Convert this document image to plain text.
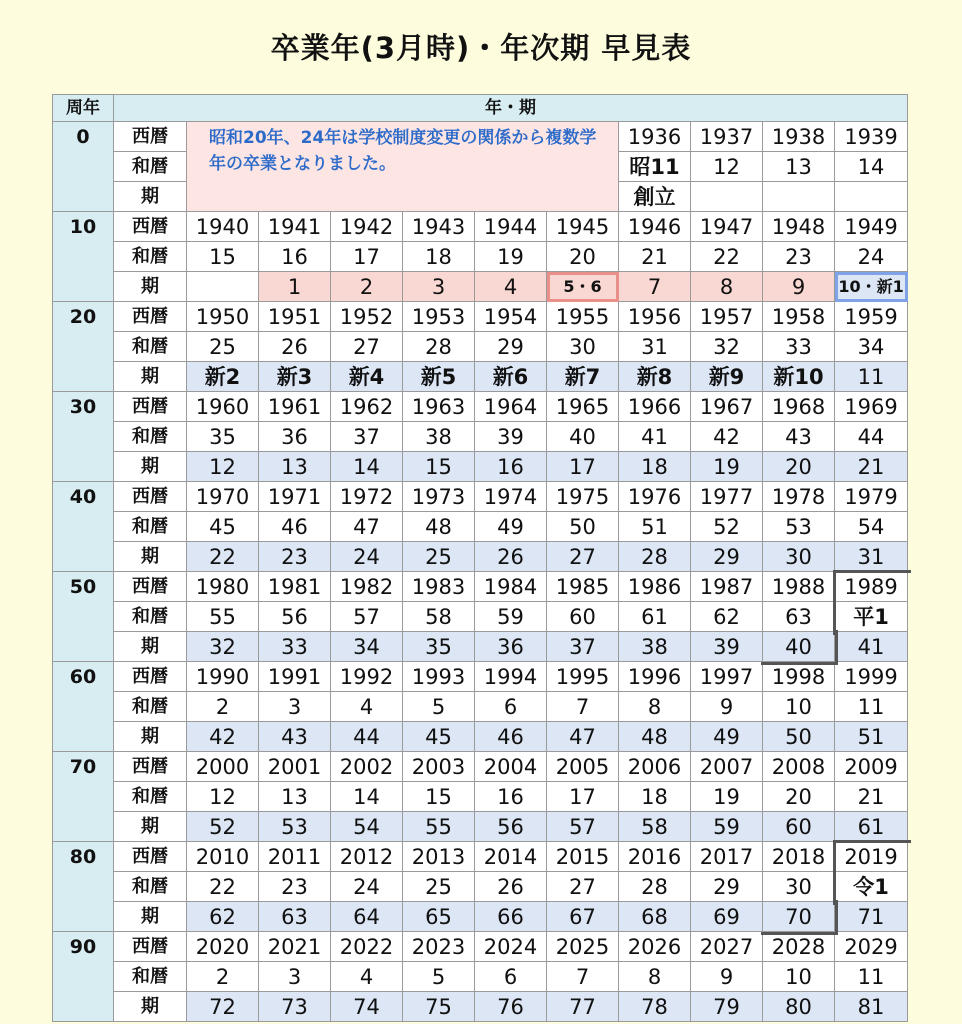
卒業年(3月時)・年次期 早見表
周年	年・期										
0	西暦	昭和20年、24年は学校制度変更の関係から複数学年の卒業となりました。						1936	1937	1938	1939
	和暦							昭11	12	13	14
	期							創立			
10	西暦	1940	1941	1942	1943	1944	1945	1946	1947	1948	1949
	和暦	15	16	17	18	19	20	21	22	23	24
	期		1	2	3	4	5・6	7	8	9	10・新1
20	西暦	1950	1951	1952	1953	1954	1955	1956	1957	1958	1959
	和暦	25	26	27	28	29	30	31	32	33	34
	期	新2	新3	新4	新5	新6	新7	新8	新9	新10	11
30	西暦	1960	1961	1962	1963	1964	1965	1966	1967	1968	1969
	和暦	35	36	37	38	39	40	41	42	43	44
	期	12	13	14	15	16	17	18	19	20	21
40	西暦	1970	1971	1972	1973	1974	1975	1976	1977	1978	1979
	和暦	45	46	47	48	49	50	51	52	53	54
	期	22	23	24	25	26	27	28	29	30	31
50	西暦	1980	1981	1982	1983	1984	1985	1986	1987	1988	1989
	和暦	55	56	57	58	59	60	61	62	63	平1
	期	32	33	34	35	36	37	38	39	40	41
60	西暦	1990	1991	1992	1993	1994	1995	1996	1997	1998	1999
	和暦	2	3	4	5	6	7	8	9	10	11
	期	42	43	44	45	46	47	48	49	50	51
70	西暦	2000	2001	2002	2003	2004	2005	2006	2007	2008	2009
	和暦	12	13	14	15	16	17	18	19	20	21
	期	52	53	54	55	56	57	58	59	60	61
80	西暦	2010	2011	2012	2013	2014	2015	2016	2017	2018	2019
	和暦	22	23	24	25	26	27	28	29	30	令1
	期	62	63	64	65	66	67	68	69	70	71
90	西暦	2020	2021	2022	2023	2024	2025	2026	2027	2028	2029
	和暦	2	3	4	5	6	7	8	9	10	11
	期	72	73	74	75	76	77	78	79	80	81
